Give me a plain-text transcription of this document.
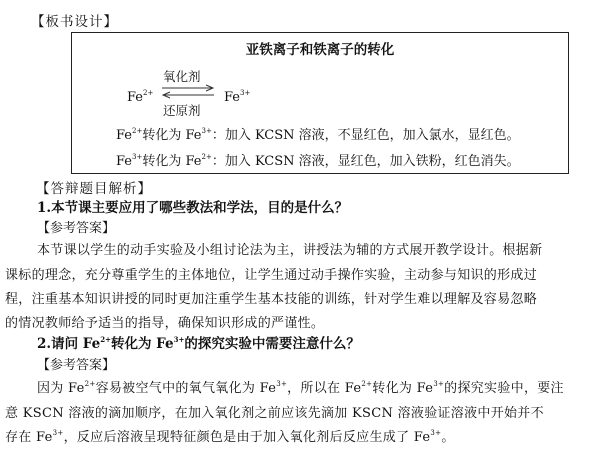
【板书设计】
亚铁离子和铁离子的转化
$Fe^{2+}$
氧化剂
还原剂
$Fe^{3+}$
$Fe^{2+}$转化为 $Fe^{3+}$：加入 KCSN 溶液，不显红色，加入氯水，显红色。
$Fe^{3+}$转化为 $Fe^{2+}$：加入 KCSN 溶液，显红色，加入铁粉，红色消失。
【答辩题目解析】
1.本节课主要应用了哪些教法和学法，目的是什么？
【参考答案】
本节课以学生的动手实验及小组讨论法为主，讲授法为辅的方式展开教学设计。根据新
课标的理念，充分尊重学生的主体地位，让学生通过动手操作实验，主动参与知识的形成过
程，注重基本知识讲授的同时更加注重学生基本技能的训练，针对学生难以理解及容易忽略
的情况教师给予适当的指导，确保知识形成的严谨性。
2.请问 $Fe^{2+}$转化为 $Fe^{3+}$的探究实验中需要注意什么？
【参考答案】
因为 $Fe^{2+}$容易被空气中的氧气氧化为 $Fe^{3+}$，所以在 $Fe^{2+}$转化为 $Fe^{3+}$的探究实验中，要注
意 KSCN 溶液的滴加顺序，在加入氧化剂之前应该先滴加 KSCN 溶液验证溶液中开始并不
存在 $Fe^{3+}$，反应后溶液呈现特征颜色是由于加入氧化剂后反应生成了 $Fe^{3+}$。
